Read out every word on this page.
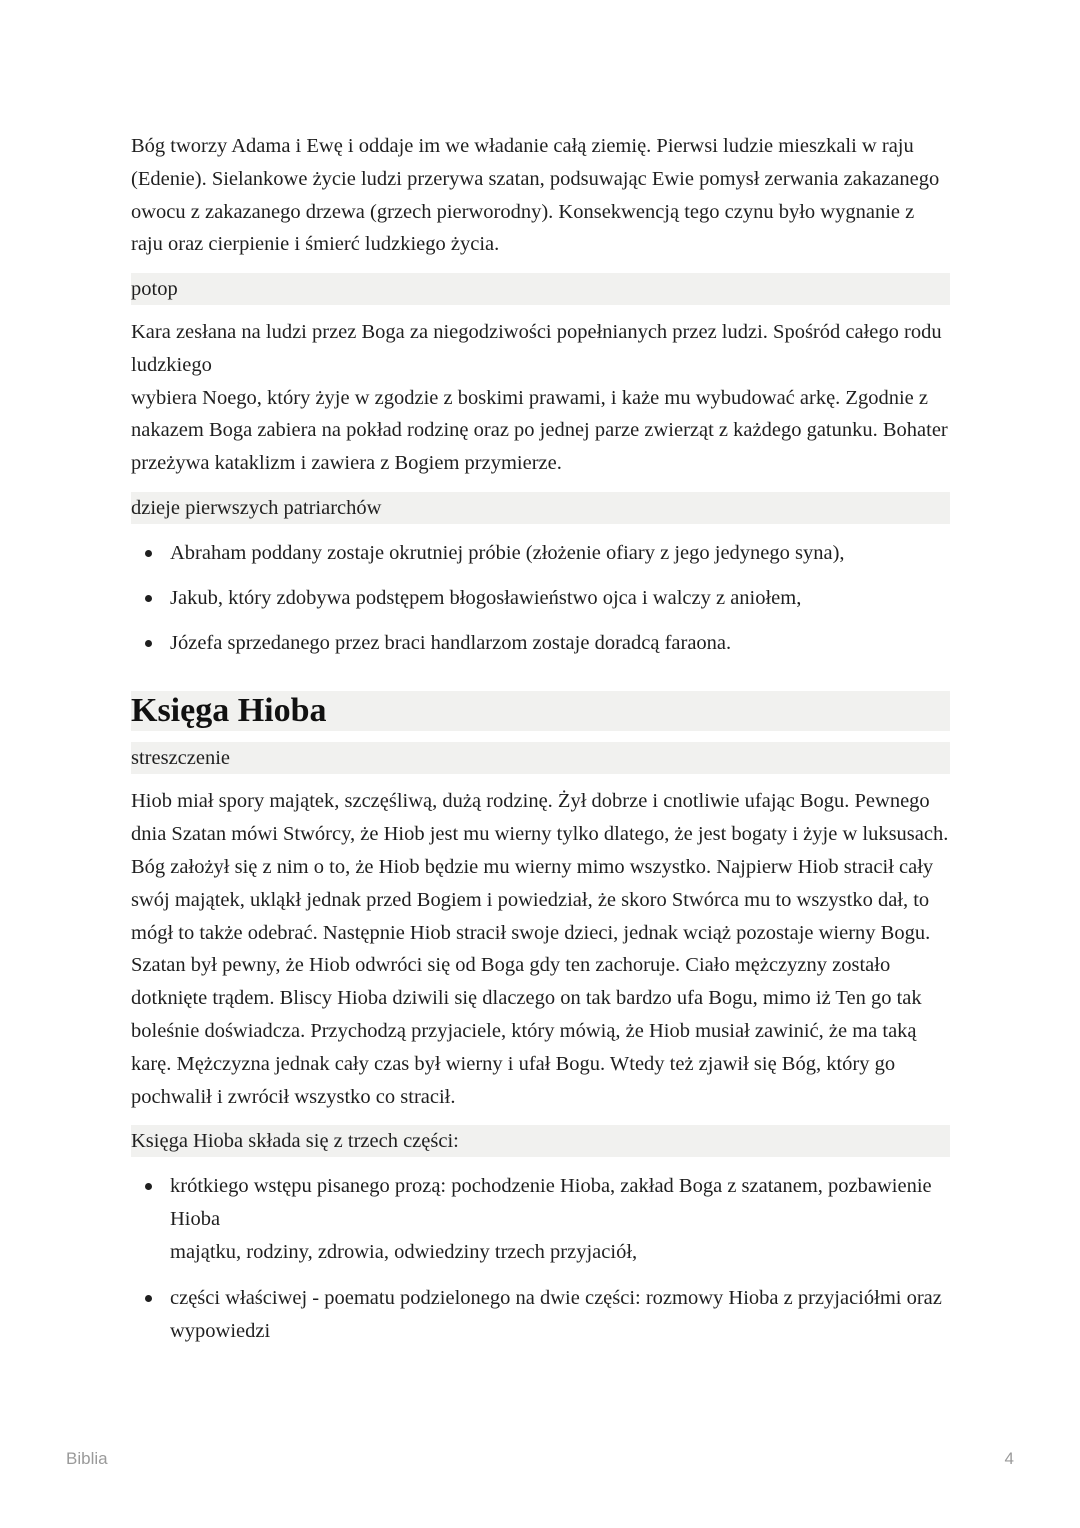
Bóg tworzy Adama i Ewę i oddaje im we władanie całą ziemię. Pierwsi ludzie mieszkali w raju (Edenie). Sielankowe życie ludzi przerywa szatan, podsuwając Ewie pomysł zerwania zakazanego owocu z zakazanego drzewa (grzech pierworodny). Konsekwencją tego czynu było wygnanie z raju oraz cierpienie i śmierć ludzkiego życia.

potop

Kara zesłana na ludzi przez Boga za niegodziwości popełnianych przez ludzi. Spośród całego rodu ludzkiego

wybiera Noego, który żyje w zgodzie z boskimi prawami, i każe mu wybudować arkę. Zgodnie z nakazem Boga zabiera na pokład rodzinę oraz po jednej parze zwierząt z każdego gatunku. Bohater przeżywa kataklizm i zawiera z Bogiem przymierze.

dzieje pierwszych patriarchów
Abraham poddany zostaje okrutniej próbie (złożenie ofiary z jego jedynego syna),
Jakub, który zdobywa podstępem błogosławieństwo ojca i walczy z aniołem,
Józefa sprzedanego przez braci handlarzom zostaje doradcą faraona.
Księga Hioba
streszczenie

Hiob miał spory majątek, szczęśliwą, dużą rodzinę. Żył dobrze i cnotliwie ufając Bogu. Pewnego dnia Szatan mówi Stwórcy, że Hiob jest mu wierny tylko dlatego, że jest bogaty i żyje w luksusach. Bóg założył się z nim o to, że Hiob będzie mu wierny mimo wszystko. Najpierw Hiob stracił cały swój majątek, ukląkł jednak przed Bogiem i powiedział, że skoro Stwórca mu to wszystko dał, to mógł to także odebrać. Następnie Hiob stracił swoje dzieci, jednak wciąż pozostaje wierny Bogu. Szatan był pewny, że Hiob odwróci się od Boga gdy ten zachoruje. Ciało mężczyzny zostało dotknięte trądem. Bliscy Hioba dziwili się dlaczego on tak bardzo ufa Bogu, mimo iż Ten go tak boleśnie doświadcza. Przychodzą przyjaciele, który mówią, że Hiob musiał zawinić, że ma taką karę. Mężczyzna jednak cały czas był wierny i ufał Bogu. Wtedy też zjawił się Bóg, który go pochwalił i zwrócił wszystko co stracił.

Księga Hioba składa się z trzech części:
krótkiego wstępu pisanego prozą: pochodzenie Hioba, zakład Boga z szatanem, pozbawienie Hioba
majątku, rodziny, zdrowia, odwiedziny trzech przyjaciół,
części właściwej - poematu podzielonego na dwie części: rozmowy Hioba z przyjaciółmi oraz wypowiedzi
Biblia	4
